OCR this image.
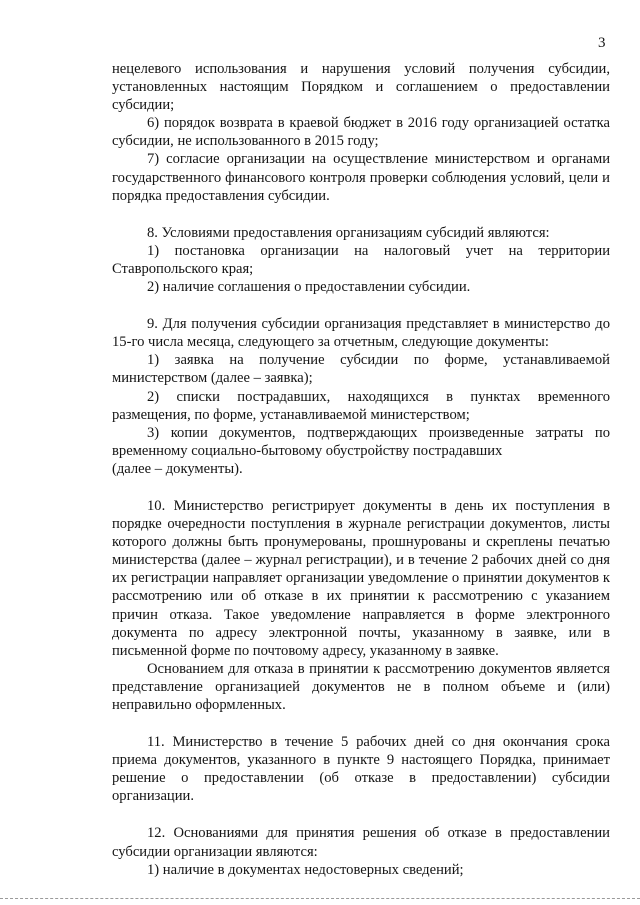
3

нецелевого использования и нарушения условий получения субсидии, установленных настоящим Порядком и соглашением о предоставлении субсидии;

6) порядок возврата в краевой бюджет в 2016 году организацией остатка субсидии, не использованного в 2015 году;

7) согласие организации на осуществление министерством и органами государственного финансового контроля проверки соблюдения условий, цели и порядка предоставления субсидии.

8. Условиями предоставления организациям субсидий являются:

1) постановка организации на налоговый учет на территории Ставропольского края;

2) наличие соглашения о предоставлении субсидии.

9. Для получения субсидии организация представляет в министерство до 15-го числа месяца, следующего за отчетным, следующие документы:

1) заявка на получение субсидии по форме, устанавливаемой министерством (далее – заявка);

2) списки пострадавших, находящихся в пунктах временного размещения, по форме, устанавливаемой министерством;

3) копии документов, подтверждающих произведенные затраты по временному социально-бытовому обустройству пострадавших

(далее – документы).

10. Министерство регистрирует документы в день их поступления в порядке очередности поступления в журнале регистрации документов, листы которого должны быть пронумерованы, прошнурованы и скреплены печатью министерства (далее – журнал регистрации), и в течение 2 рабочих дней со дня их регистрации направляет организации уведомление о принятии документов к рассмотрению или об отказе в их принятии к рассмотрению с указанием причин отказа. Такое уведомление направляется в форме электронного документа по адресу электронной почты, указанному в заявке, или в письменной форме по почтовому адресу, указанному в заявке.

Основанием для отказа в принятии к рассмотрению документов является представление организацией документов не в полном объеме и (или) неправильно оформленных.

11. Министерство в течение 5 рабочих дней со дня окончания срока приема документов, указанного в пункте 9 настоящего Порядка, принимает решение о предоставлении (об отказе в предоставлении) субсидии организации.

12. Основаниями для принятия решения об отказе в предоставлении субсидии организации являются:

1) наличие в документах недостоверных сведений;
